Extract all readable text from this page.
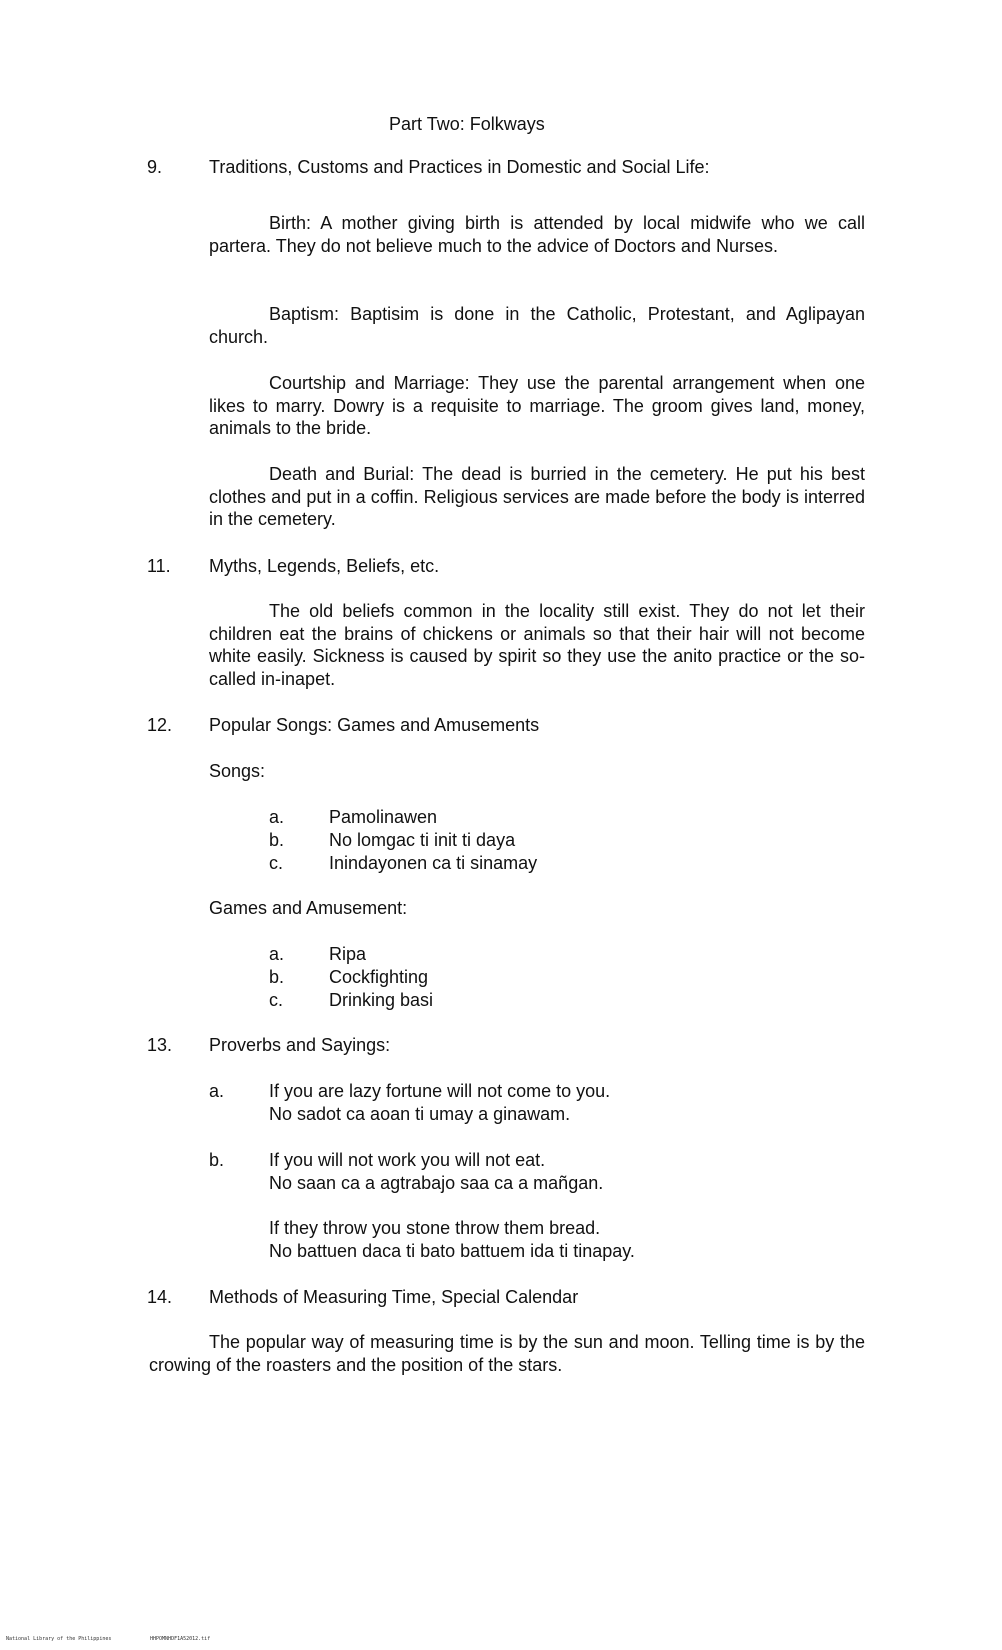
Part Two: Folkways
9.	Traditions, Customs and Practices in Domestic and Social Life:
Birth: A mother giving birth is attended by local midwife who we call partera. They do not believe much to the advice of Doctors and Nurses.
Baptism: Baptisim is done in the Catholic, Protestant, and Aglipayan church.
Courtship and Marriage: They use the parental arrangement when one likes to marry. Dowry is a requisite to marriage. The groom gives land, money, animals to the bride.
Death and Burial: The dead is burried in the cemetery. He put his best clothes and put in a coffin. Religious services are made before the body is interred in the cemetery.
11. Myths, Legends, Beliefs, etc.
The old beliefs common in the locality still exist. They do not let their children eat the brains of chickens or animals so that their hair will not become white easily. Sickness is caused by spirit so they use the anito practice or the so-called in-inapet.
12. Popular Songs: Games and Amusements
Songs:
a. Pamolinawen
b. No lomgac ti init ti daya
c.	Inindayonen ca ti sinamay
Games and Amusement:
a. Ripa
b. Cockfighting
c.	Drinking basi
13. Proverbs and Sayings:
a. If you are lazy fortune will not come to you.
No sadot ca aoan ti umay a ginawam.
b. If you will not work you will not eat.
No saan ca a agtrabajo saa ca a mañgan.
If they throw you stone throw them bread.
No battuen daca ti bato battuem ida ti tinapay.
14. Methods of Measuring Time, Special Calendar
The popular way of measuring time is by the sun and moon. Telling time is by the crowing of the roasters and the position of the stars.
National Library of the Philippines	HHPOMNHDF1A52012.tif
